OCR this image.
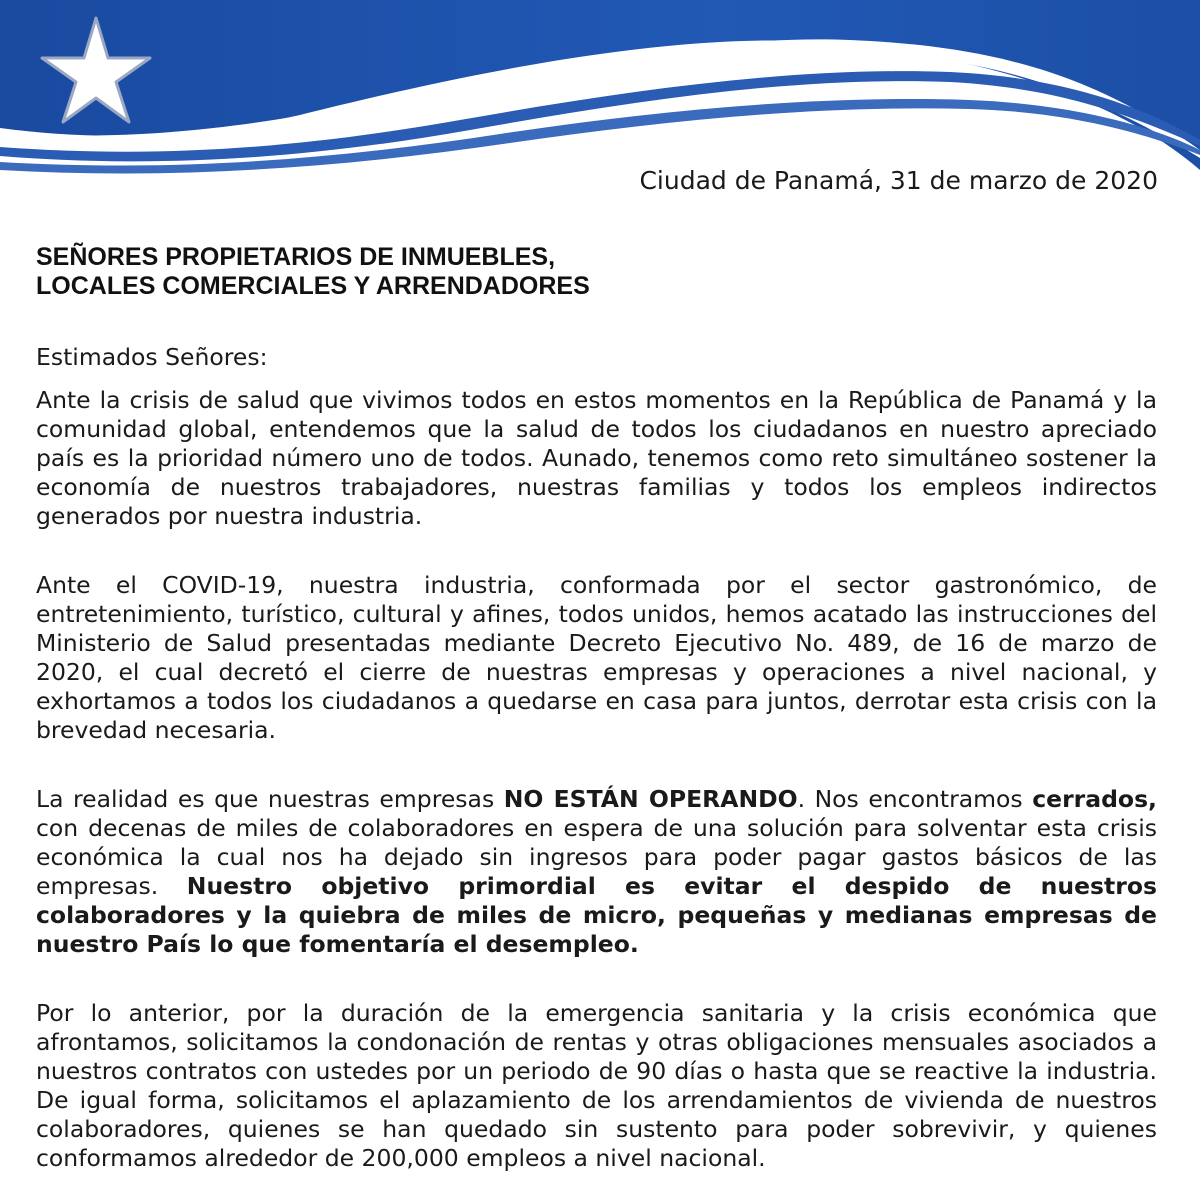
Ciudad de Panamá, 31 de marzo de 2020
SEÑORES PROPIETARIOS DE INMUEBLES,
LOCALES COMERCIALES Y ARRENDADORES
Estimados Señores:

Ante la crisis de salud que vivimos todos en estos momentos en la República de Panamá y la comunidad global, entendemos que la salud de todos los ciudadanos en nuestro apreciado país es la prioridad número uno de todos. Aunado, tenemos como reto simultáneo sostener la economía de nuestros trabajadores, nuestras familias y todos los empleos indirectos generados por nuestra industria.

Ante el COVID-19, nuestra industria, conformada por el sector gastronómico, de entretenimiento, turístico, cultural y afines, todos unidos, hemos acatado las instrucciones del Ministerio de Salud presentadas mediante Decreto Ejecutivo No. 489, de 16 de marzo de 2020, el cual decretó el cierre de nuestras empresas y operaciones a nivel nacional, y exhortamos a todos los ciudadanos a quedarse en casa para juntos, derrotar esta crisis con la brevedad necesaria.

La realidad es que nuestras empresas NO ESTÁN OPERANDO. Nos encontramos cerrados, con decenas de miles de colaboradores en espera de una solución para solventar esta crisis económica la cual nos ha dejado sin ingresos para poder pagar gastos básicos de las empresas. Nuestro objetivo primordial es evitar el despido de nuestros colaboradores y la quiebra de miles de micro, pequeñas y medianas empresas de nuestro País lo que fomentaría el desempleo.

Por lo anterior, por la duración de la emergencia sanitaria y la crisis económica que afrontamos, solicitamos la condonación de rentas y otras obligaciones mensuales asociados a nuestros contratos con ustedes por un periodo de 90 días o hasta que se reactive la industria. De igual forma, solicitamos el aplazamiento de los arrendamientos de vivienda de nuestros colaboradores, quienes se han quedado sin sustento para poder sobrevivir, y quienes conformamos alrededor de 200,000 empleos a nivel nacional.
